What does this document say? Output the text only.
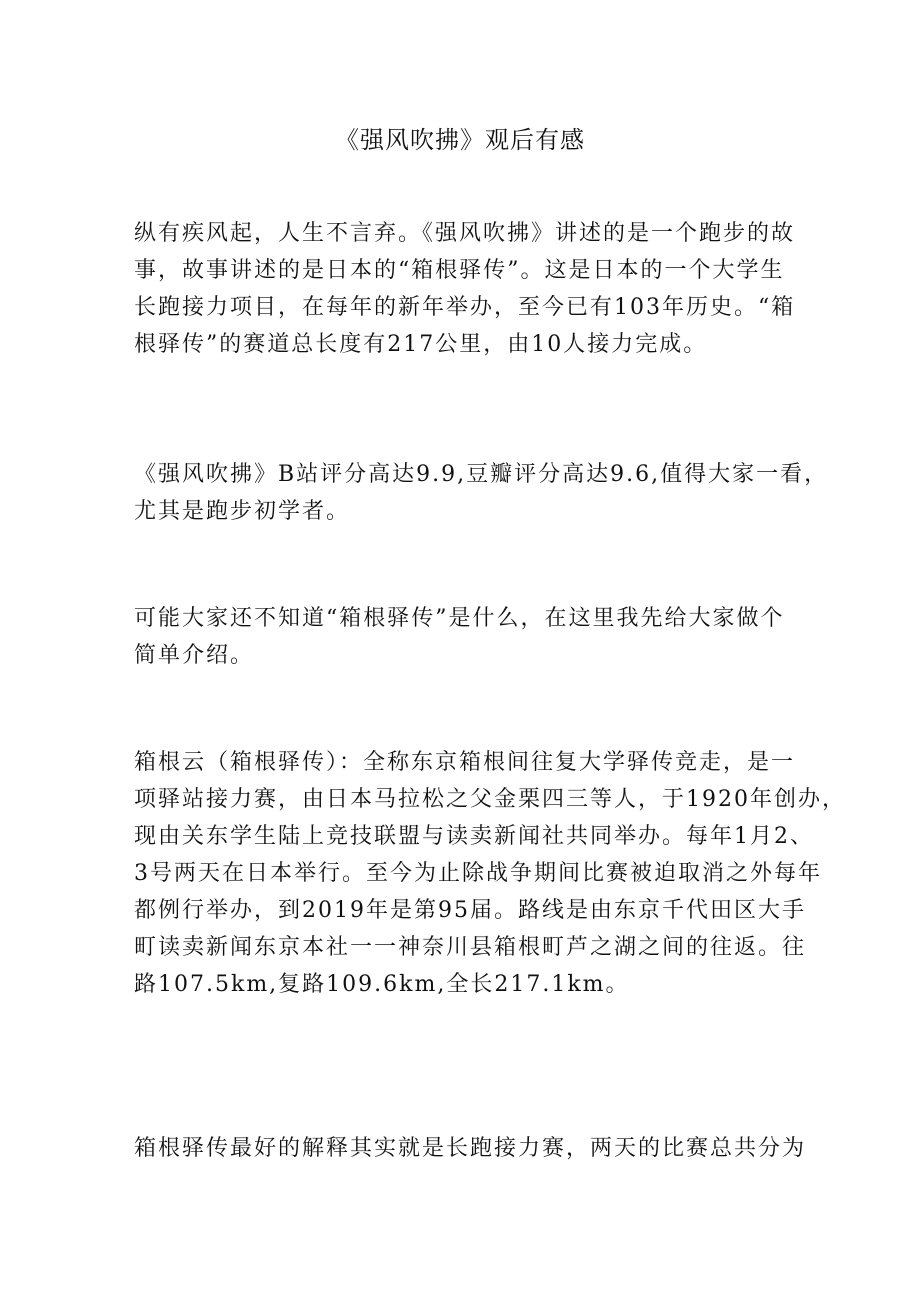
《强风吹拂》观后有感

纵有疾风起，人生不言弃。《强风吹拂》讲述的是一个跑步的故
事，故事讲述的是日本的“箱根驿传”。这是日本的一个大学生
长跑接力项目，在每年的新年举办，至今已有103年历史。“箱
根驿传”的赛道总长度有217公里，由10人接力完成。

《强风吹拂》B站评分高达9.9,豆瓣评分高达9.6,值得大家一看，
尤其是跑步初学者。

可能大家还不知道“箱根驿传”是什么，在这里我先给大家做个
简单介绍。

箱根云（箱根驿传）：全称东京箱根间往复大学驿传竞走，是一
项驿站接力赛，由日本马拉松之父金栗四三等人，于1920年创办，
现由关东学生陆上竞技联盟与读卖新闻社共同举办。每年1月2、
3号两天在日本举行。至今为止除战争期间比赛被迫取消之外每年
都例行举办，到2019年是第95届。路线是由东京千代田区大手
町读卖新闻东京本社一一神奈川县箱根町芦之湖之间的往返。往
路107.5km,复路109.6km,全长217.1km。

箱根驿传最好的解释其实就是长跑接力赛，两天的比赛总共分为
